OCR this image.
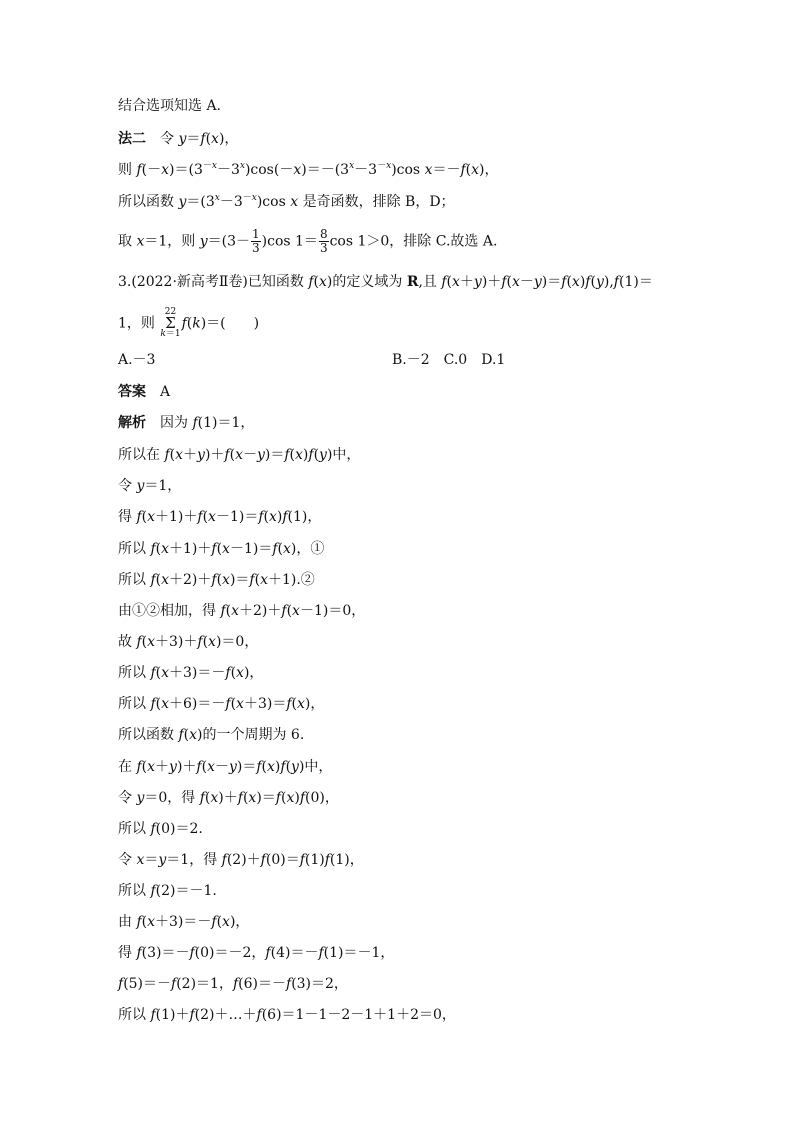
结合选项知选 A.
法二　令 y＝f(x)，
则 $f(-x)=(3^{-x}-3^x)\cos(-x)=-(3^x-3^{-x})\cos$ x＝－f(x)，
所以函数 $y=(3^x-3^{-x})\cos$ x 是奇函数，排除 B，D；
取 x＝1，则 $y=(3- \frac{1}{3} )\cos$ $1= \frac{8}{3}$ cos 1＞0，排除 C.故选 A.
3.(2022·新高考Ⅱ卷)已知函数 f(x)的定义域为 R,且 f(x＋y)＋f(x－y)＝f(x)f(y),f(1)＝
1，则 22
Σ
k＝1f(k)＝(　　)
A.－3	B.－2　C.0　D.1
答案　A
解析　因为 f(1)＝1，
所以在 f(x＋y)＋f(x－y)＝f(x)f(y)中，
令 y＝1，
得 f(x＋1)＋f(x－1)＝f(x)f(1)，
所以 f(x＋1)＋f(x－1)＝f(x)，①
所以 f(x＋2)＋f(x)＝f(x＋1).②
由①②相加，得 f(x＋2)＋f(x－1)＝0，
故 f(x＋3)＋f(x)＝0，
所以 f(x＋3)＝－f(x)，
所以 f(x＋6)＝－f(x＋3)＝f(x)，
所以函数 f(x)的一个周期为 6.
在 f(x＋y)＋f(x－y)＝f(x)f(y)中，
令 y＝0，得 f(x)＋f(x)＝f(x)f(0)，
所以 f(0)＝2.
令 x＝y＝1，得 f(2)＋f(0)＝f(1)f(1)，
所以 f(2)＝－1.
由 f(x＋3)＝－f(x)，
得 f(3)＝－f(0)＝－2，f(4)＝－f(1)＝－1，
f(5)＝－f(2)＝1，f(6)＝－f(3)＝2，
所以 f(1)＋f(2)＋…＋f(6)＝1－1－2－1＋1＋2＝0，
